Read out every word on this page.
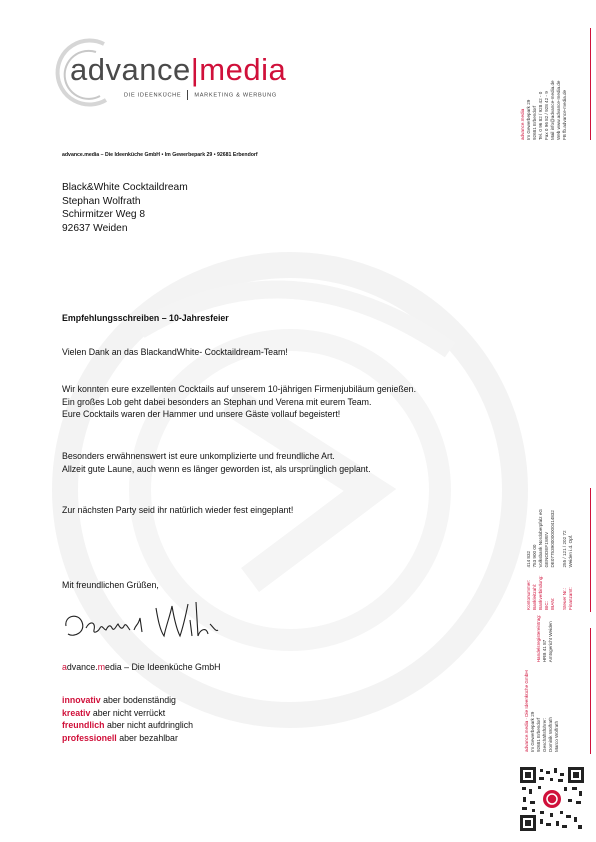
advance|media
DIE IDEENKÜCHE MARKETING & WERBUNG
advance.media Im Gewerbepark 29 92681 Erbendorf Tel. 0 96 82 / 928 42 - 0 Fax 0 96 82 / 928 42 - 9 Mail info@advance-media.de Web www.advance-media.de FB fb.advance-media.de
Kontonummer: Bankleitzahl: Bankverbindung: BIC: IBAN:
Steuer Nr.: Finanzamt:
414 832 753 900 00 Volksbank Nordoberpfalz eG GENODEF1WEV DE07753900000000414832
255 / 121 / 202 72 Weiden i.d. Opf.
advance.media · Die Ideenküche GmbH Im Gewerbepark 29 92681 Erbendorf Geschäftsführer: Dominik Wolfrath Marco Wolfrath

Handelsregistereintrag: HRB 41 87 Amtsgericht Weiden
advance.media – Die Ideenküche GmbH • Im Gewerbepark 29 • 92681 Erbendorf
Black&White Cocktaildream
Stephan Wolfrath
Schirmitzer Weg 8
92637 Weiden
Empfehlungsschreiben – 10-Jahresfeier
Vielen Dank an das BlackandWhite- Cocktaildream-Team!
Wir konnten eure exzellenten Cocktails auf unserem 10-jährigen Firmenjubiläum genießen.
Ein großes Lob geht dabei besonders an Stephan und Verena mit eurem Team.
Eure Cocktails waren der Hammer und unsere Gäste vollauf begeistert!
Besonders erwähnenswert ist eure unkomplizierte und freundliche Art.
Allzeit gute Laune, auch wenn es länger geworden ist, als ursprünglich geplant.
Zur nächsten Party seid ihr natürlich wieder fest eingeplant!
Mit freundlichen Grüßen,
advance.media – Die Ideenküche GmbH
innovativ aber bodenständig
kreativ aber nicht verrückt
freundlich aber nicht aufdringlich
professionell aber bezahlbar
